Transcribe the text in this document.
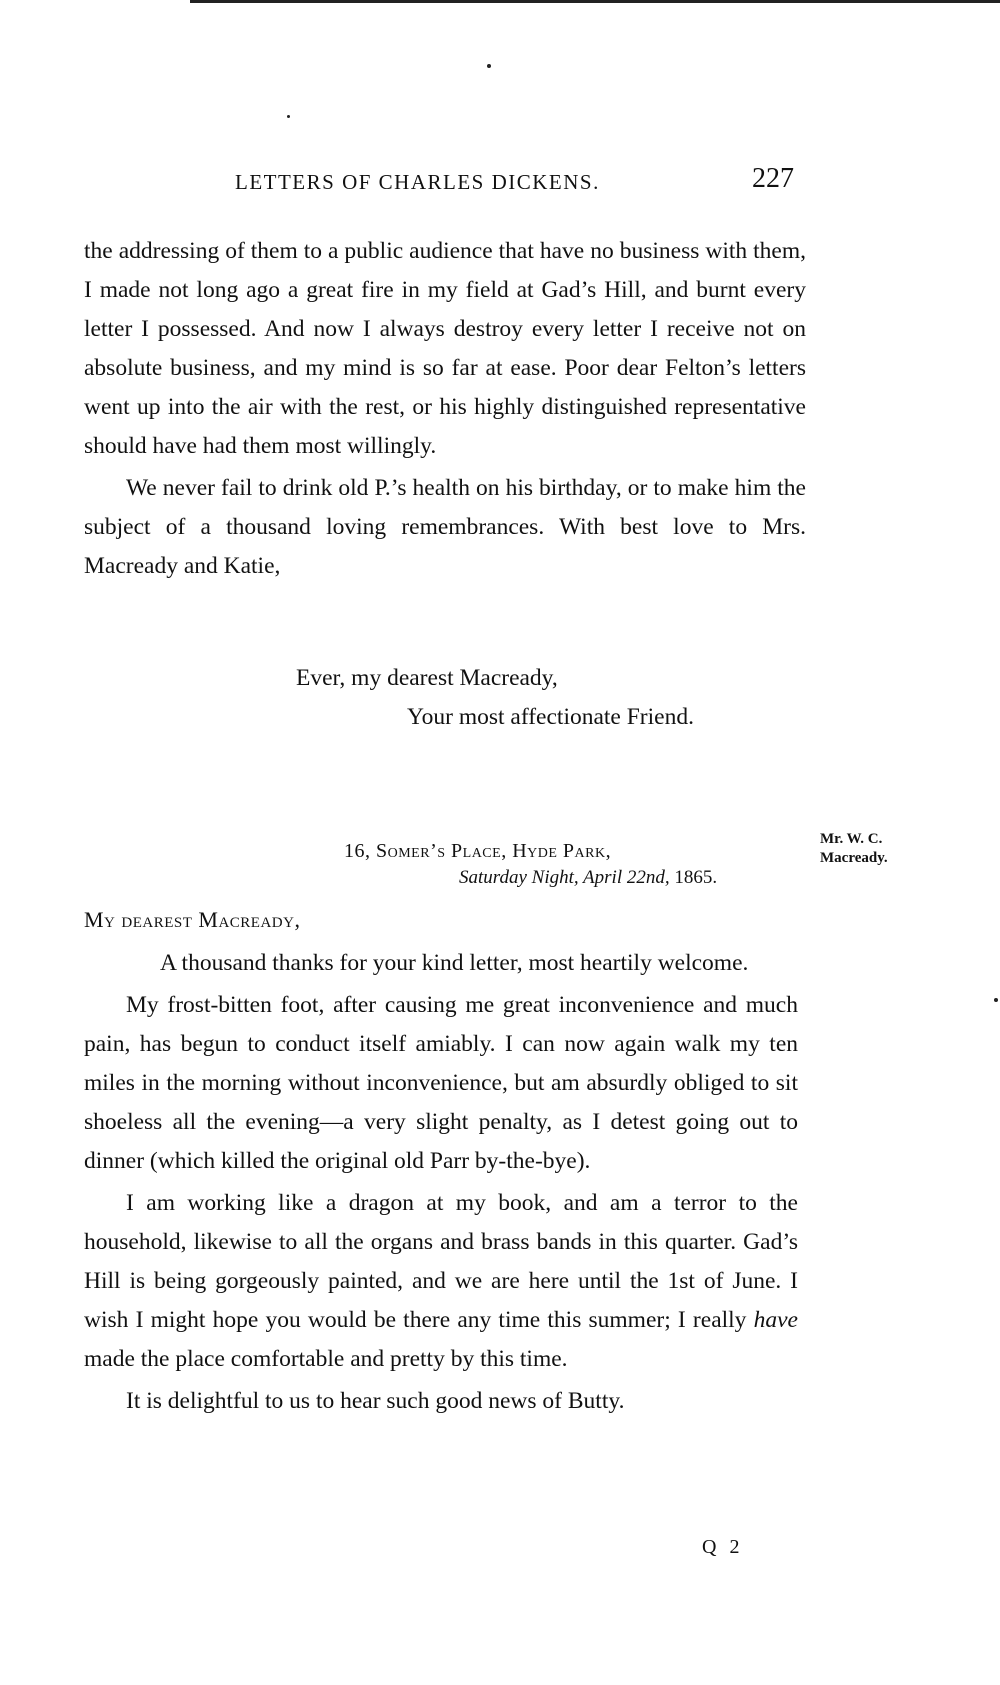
LETTERS OF CHARLES DICKENS.	227

the addressing of them to a public audience that have no business with them, I made not long ago a great fire in my field at Gad’s Hill, and burnt every letter I possessed. And now I always destroy every letter I receive not on absolute business, and my mind is so far at ease. Poor dear Felton’s letters went up into the air with the rest, or his highly distinguished representative should have had them most willingly.

We never fail to drink old P.’s health on his birthday, or to make him the subject of a thousand loving remembrances. With best love to Mrs. Macready and Katie,

Ever, my dearest Macready,
Your most affectionate Friend.
16, Somer’s Place, Hyde Park,
Saturday Night, April 22nd, 1865.
Mr. W. C.
Macready.
My dearest Macready,

A thousand thanks for your kind letter, most heartily welcome.

My frost-bitten foot, after causing me great inconvenience and much pain, has begun to conduct itself amiably. I can now again walk my ten miles in the morning without inconvenience, but am absurdly obliged to sit shoeless all the evening—a very slight penalty, as I detest going out to dinner (which killed the original old Parr by-the-bye).

I am working like a dragon at my book, and am a terror to the household, likewise to all the organs and brass bands in this quarter. Gad’s Hill is being gorgeously painted, and we are here until the 1st of June. I wish I might hope you would be there any time this summer; I really have made the place comfortable and pretty by this time.

It is delightful to us to hear such good news of Butty.

Q 2
